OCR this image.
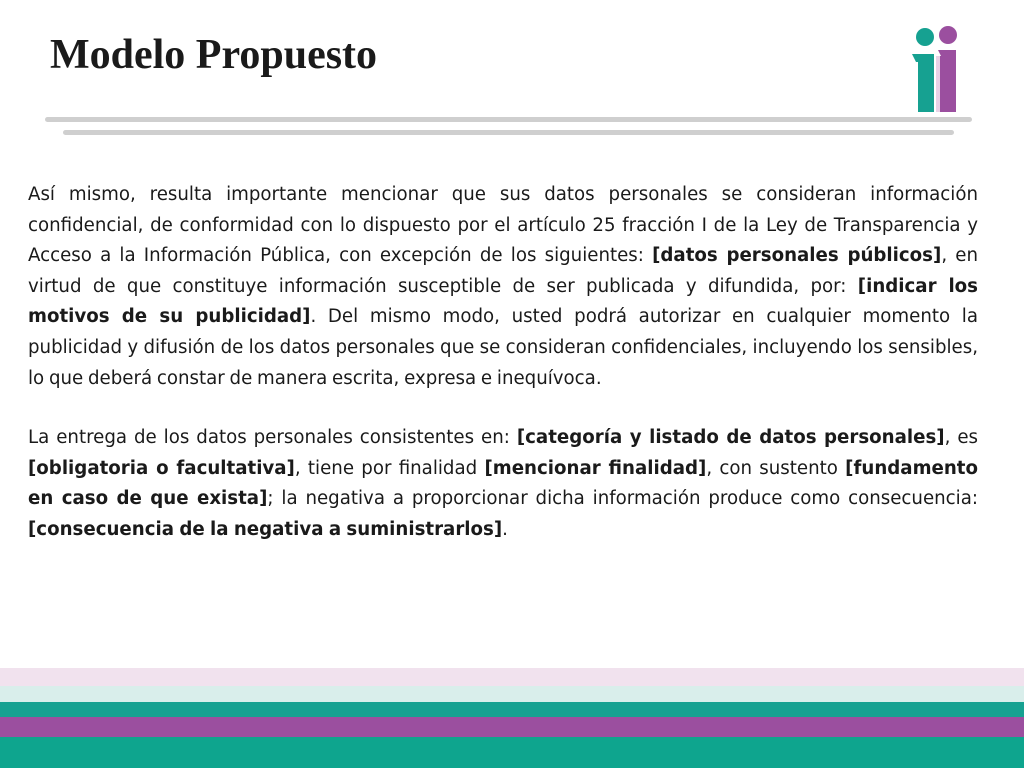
Modelo Propuesto

Así mismo, resulta importante mencionar que sus datos personales se consideran información confidencial, de conformidad con lo dispuesto por el artículo 25 fracción I de la Ley de Transparencia y Acceso a la Información Pública, con excepción de los siguientes: [datos personales públicos], en virtud de que constituye información susceptible de ser publicada y difundida, por: [indicar los motivos de su publicidad]. Del mismo modo, usted podrá autorizar en cualquier momento la publicidad y difusión de los datos personales que se consideran confidenciales, incluyendo los sensibles, lo que deberá constar de manera escrita, expresa e inequívoca.

La entrega de los datos personales consistentes en: [categoría y listado de datos personales], es [obligatoria o facultativa], tiene por finalidad [mencionar finalidad], con sustento [fundamento en caso de que exista]; la negativa a proporcionar dicha información produce como consecuencia: [consecuencia de la negativa a suministrarlos].
